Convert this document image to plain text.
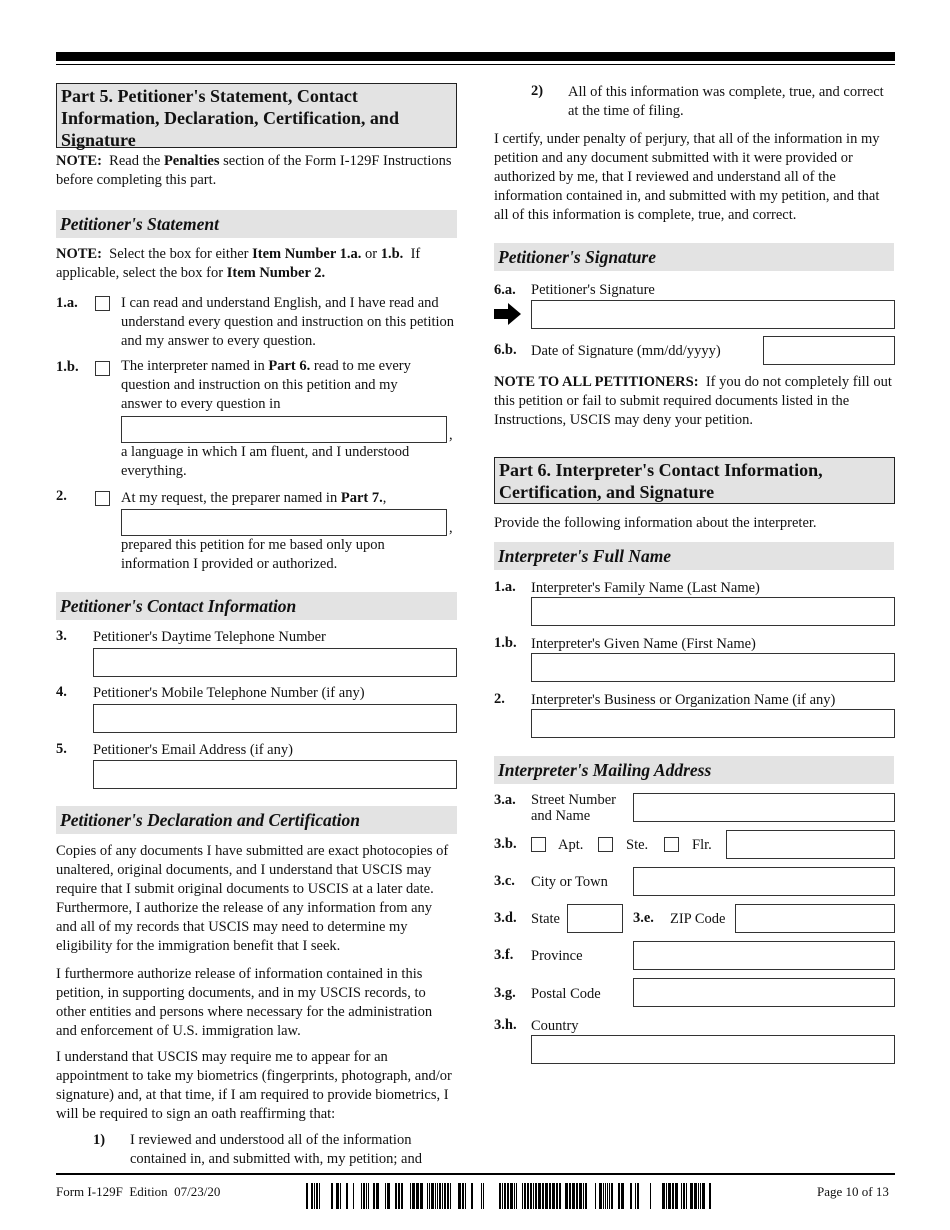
Part 5. Petitioner's Statement, Contact Information, Declaration, Certification, and Signature
NOTE: Read the Penalties section of the Form I-129F Instructions before completing this part.
Petitioner's Statement
NOTE: Select the box for either Item Number 1.a. or 1.b. If applicable, select the box for Item Number 2.
1.a.	I can read and understand English, and I have read and understand every question and instruction on this petition and my answer to every question.
1.b.	The interpreter named in Part 6. read to me every question and instruction on this petition and my answer to every question in
,
a language in which I am fluent, and I understood everything.
2.	At my request, the preparer named in Part 7.,
,
prepared this petition for me based only upon information I provided or authorized.
Petitioner's Contact Information
3. Petitioner's Daytime Telephone Number
4. Petitioner's Mobile Telephone Number (if any)
5. Petitioner's Email Address (if any)
Petitioner's Declaration and Certification
Copies of any documents I have submitted are exact photocopies of unaltered, original documents, and I understand that USCIS may require that I submit original documents to USCIS at a later date. Furthermore, I authorize the release of any information from any and all of my records that USCIS may need to determine my eligibility for the immigration benefit that I seek.
I furthermore authorize release of information contained in this petition, in supporting documents, and in my USCIS records, to other entities and persons where necessary for the administration and enforcement of U.S. immigration law.
I understand that USCIS may require me to appear for an appointment to take my biometrics (fingerprints, photograph, and/or signature) and, at that time, if I am required to provide biometrics, I will be required to sign an oath reaffirming that:
1) I reviewed and understood all of the information contained in, and submitted with, my petition; and
2) All of this information was complete, true, and correct at the time of filing.
I certify, under penalty of perjury, that all of the information in my petition and any document submitted with it were provided or authorized by me, that I reviewed and understand all of the information contained in, and submitted with my petition, and that all of this information is complete, true, and correct.
Petitioner's Signature
6.a. Petitioner's Signature
6.b. Date of Signature (mm/dd/yyyy)
NOTE TO ALL PETITIONERS: If you do not completely fill out this petition or fail to submit required documents listed in the Instructions, USCIS may deny your petition.
Part 6. Interpreter's Contact Information, Certification, and Signature
Provide the following information about the interpreter.
Interpreter's Full Name
1.a. Interpreter's Family Name (Last Name)
1.b. Interpreter's Given Name (First Name)
2. Interpreter's Business or Organization Name (if any)
Interpreter's Mailing Address
3.a. Street Number
and Name
3.b.	Apt.	Ste.	Flr.
3.c. City or Town
3.d. State	3.e. ZIP Code
3.f. Province
3.g. Postal Code
3.h. Country
Form I-129F Edition 07/23/20	Page 10 of 13
